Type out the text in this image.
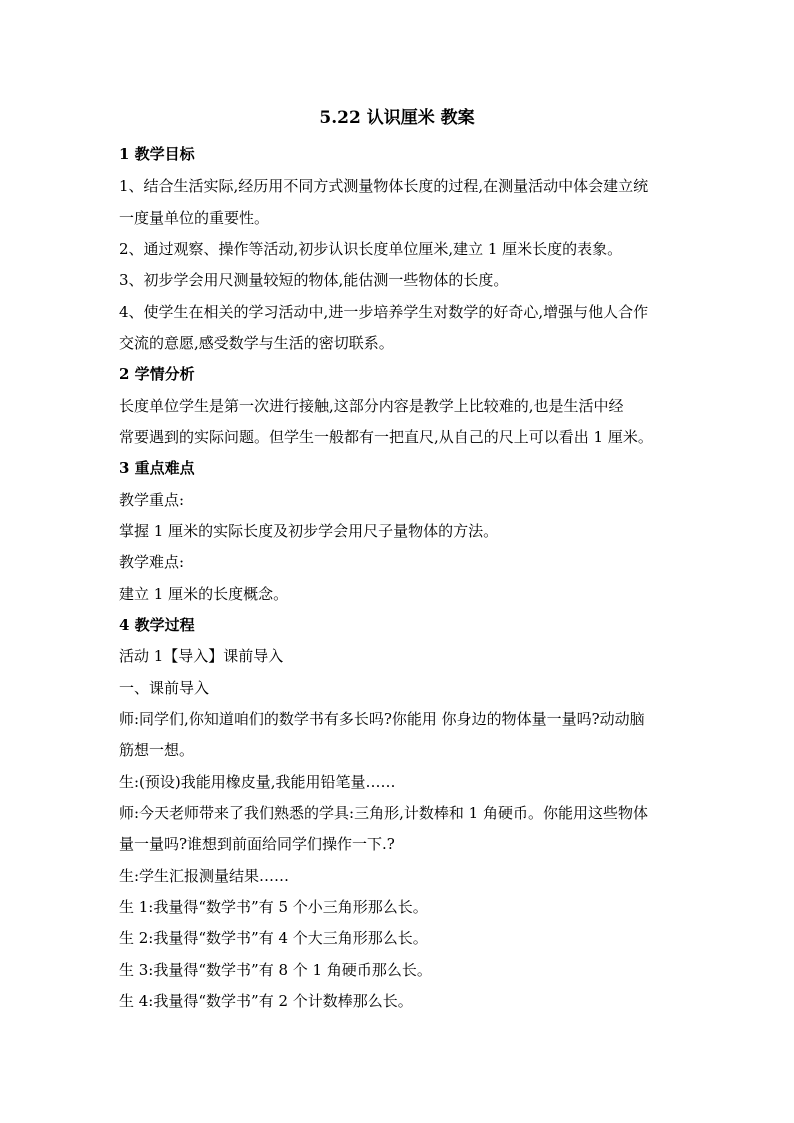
5.22 认识厘米 教案
1 教学目标
1、结合生活实际,经历用不同方式测量物体长度的过程,在测量活动中体会建立统
一度量单位的重要性。
2、通过观察、操作等活动,初步认识长度单位厘米,建立 1 厘米长度的表象。
3、初步学会用尺测量较短的物体,能估测一些物体的长度。
4、使学生在相关的学习活动中,进一步培养学生对数学的好奇心,增强与他人合作
交流的意愿,感受数学与生活的密切联系。
2 学情分析
长度单位学生是第一次进行接触,这部分内容是教学上比较难的,也是生活中经
常要遇到的实际问题。但学生一般都有一把直尺,从自己的尺上可以看出 1 厘米。
3 重点难点
教学重点:
掌握 1 厘米的实际长度及初步学会用尺子量物体的方法。
教学难点:
建立 1 厘米的长度概念。
4 教学过程
活动 1【导入】课前导入
一、课前导入
师:同学们,你知道咱们的数学书有多长吗?你能用 你身边的物体量一量吗?动动脑
筋想一想。
生:(预设)我能用橡皮量,我能用铅笔量……
师:今天老师带来了我们熟悉的学具:三角形,计数棒和 1 角硬币。你能用这些物体
量一量吗?谁想到前面给同学们操作一下.?
生:学生汇报测量结果……
生 1:我量得“数学书”有 5 个小三角形那么长。
生 2:我量得“数学书”有 4 个大三角形那么长。
生 3:我量得“数学书”有 8 个 1 角硬币那么长。
生 4:我量得“数学书”有 2 个计数棒那么长。
